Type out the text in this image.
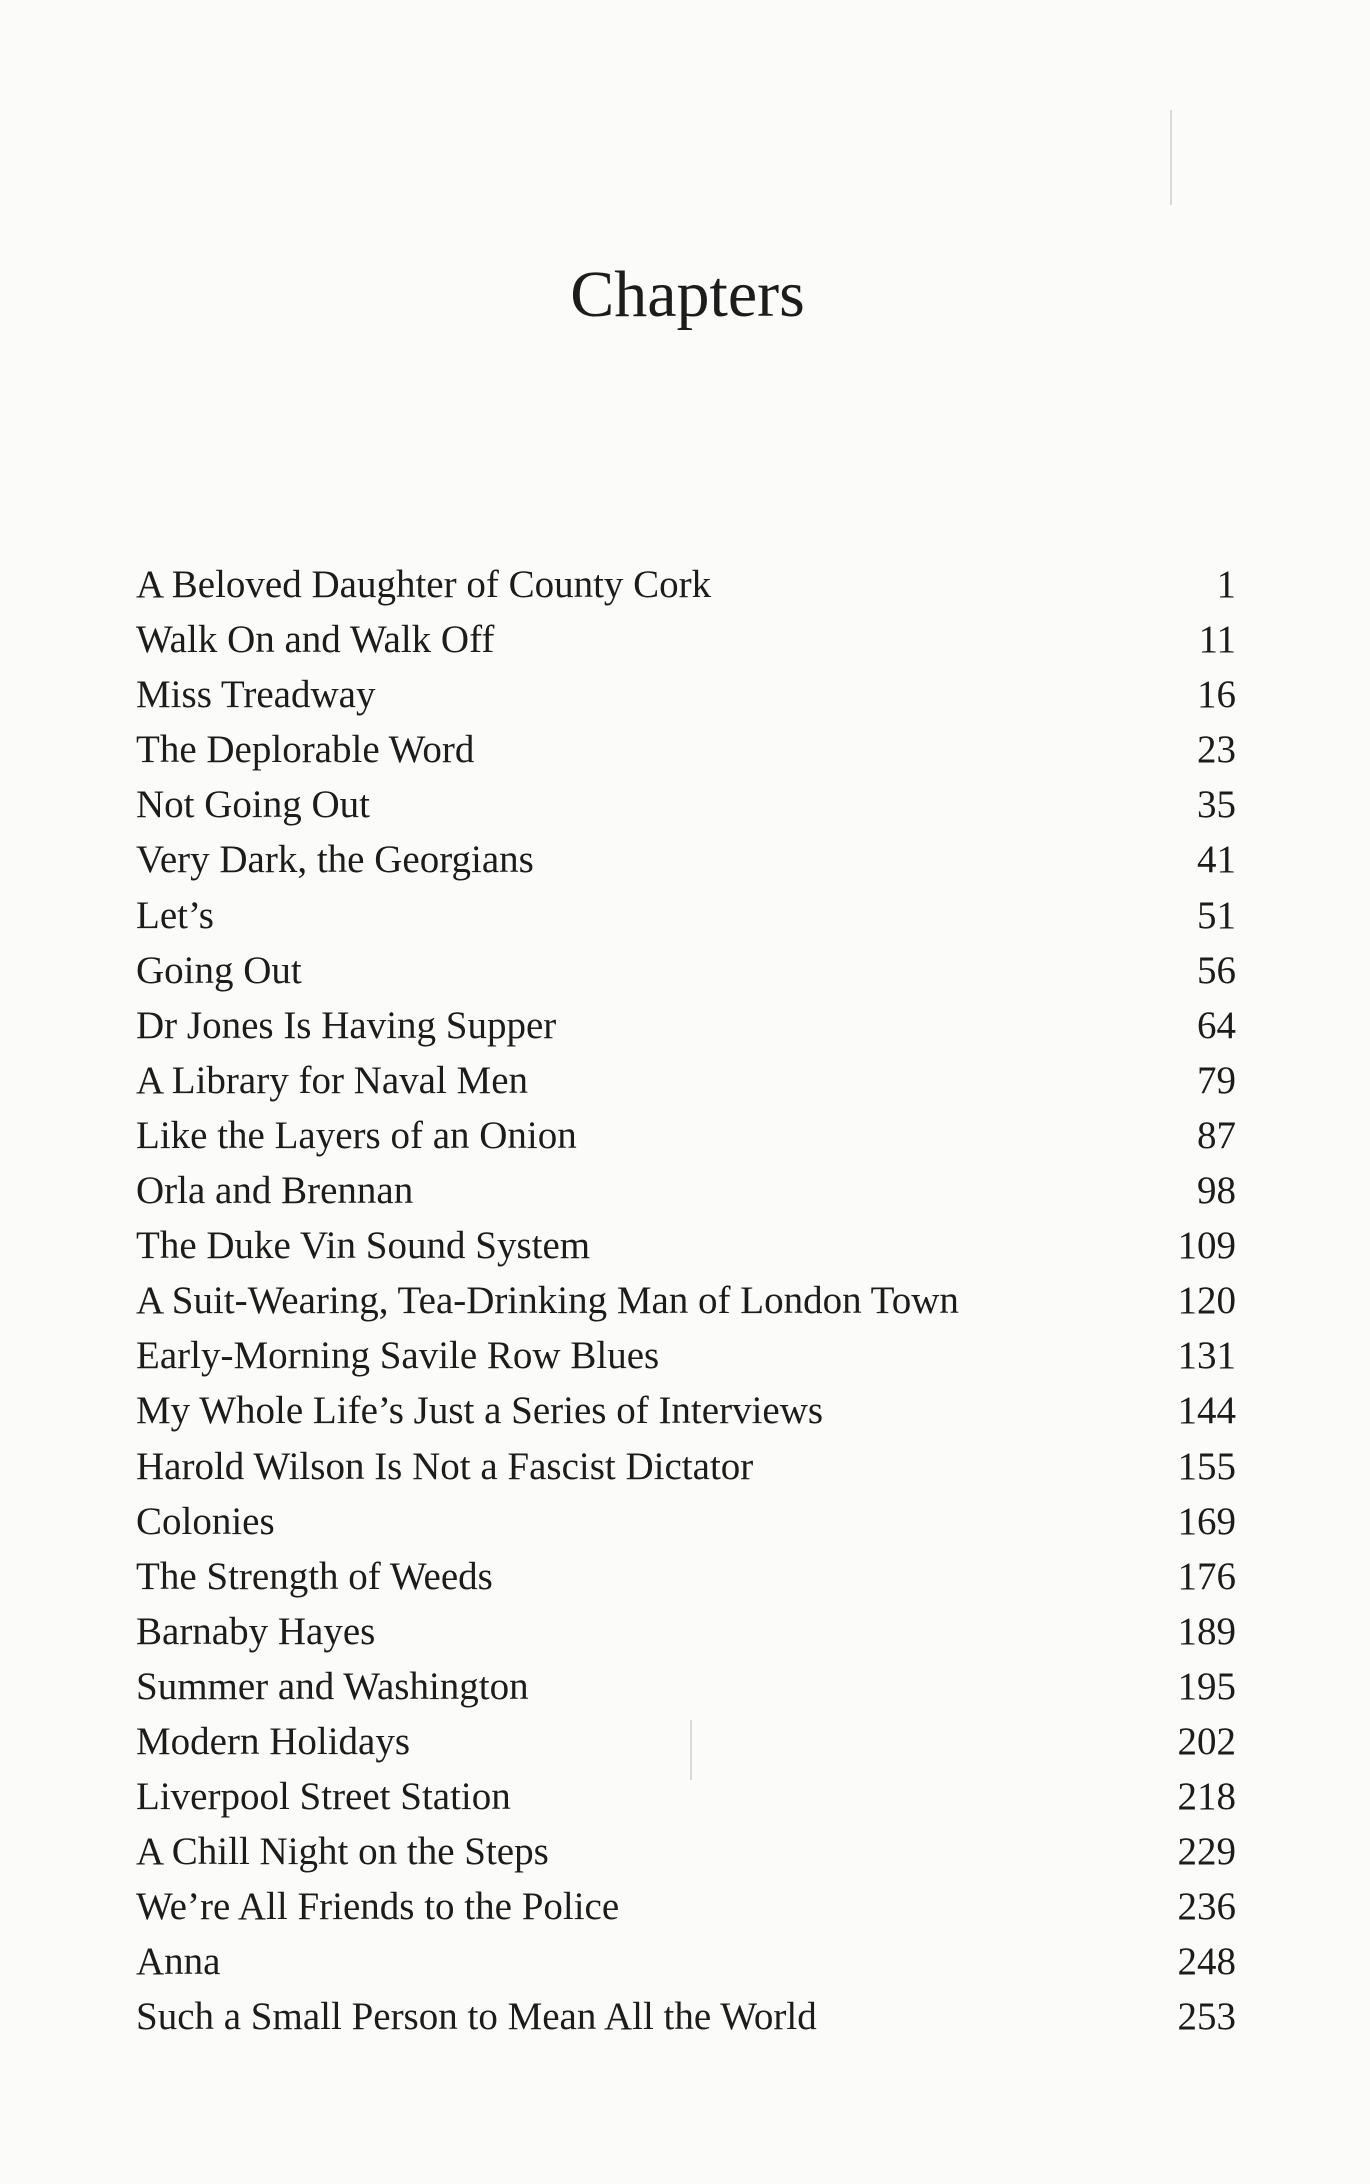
Chapters
A Beloved Daughter of County Cork	1
Walk On and Walk Off	11
Miss Treadway	16
The Deplorable Word	23
Not Going Out	35
Very Dark, the Georgians	41
Let’s	51
Going Out	56
Dr Jones Is Having Supper	64
A Library for Naval Men	79
Like the Layers of an Onion	87
Orla and Brennan	98
The Duke Vin Sound System	109
A Suit-Wearing, Tea-Drinking Man of London Town	120
Early-Morning Savile Row Blues	131
My Whole Life’s Just a Series of Interviews	144
Harold Wilson Is Not a Fascist Dictator	155
Colonies	169
The Strength of Weeds	176
Barnaby Hayes	189
Summer and Washington	195
Modern Holidays	202
Liverpool Street Station	218
A Chill Night on the Steps	229
We’re All Friends to the Police	236
Anna	248
Such a Small Person to Mean All the World	253
